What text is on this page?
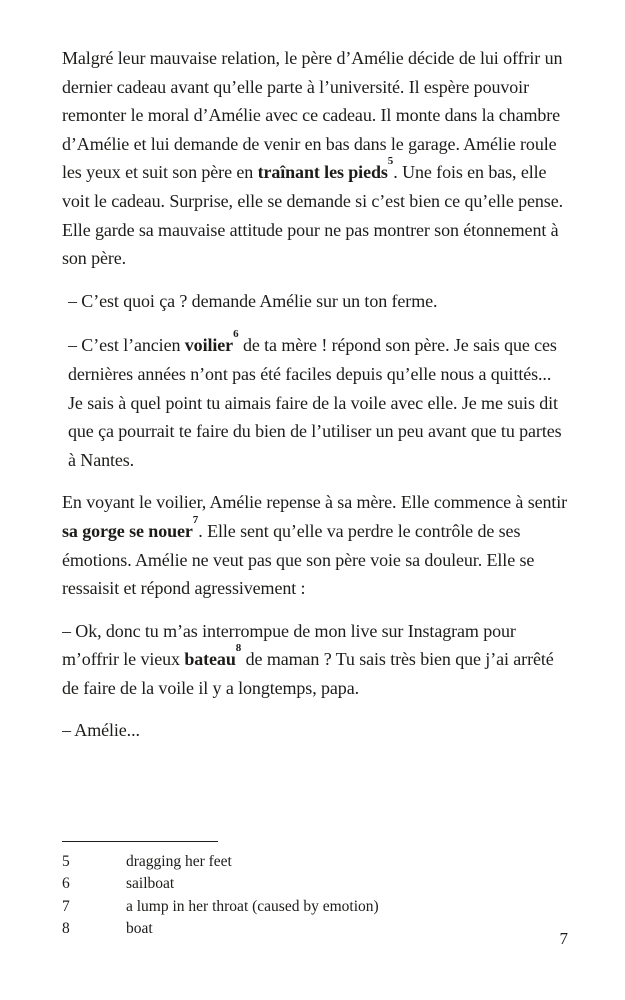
Malgré leur mauvaise relation, le père d’Amélie décide de lui offrir un dernier cadeau avant qu’elle parte à l’université. Il espère pouvoir remonter le moral d’Amélie avec ce cadeau. Il monte dans la chambre d’Amélie et lui demande de venir en bas dans le garage. Amélie roule les yeux et suit son père en traînant les pieds$^5$. Une fois en bas, elle voit le cadeau. Surprise, elle se demande si c’est bien ce qu’elle pense. Elle garde sa mauvaise attitude pour ne pas montrer son étonnement à son père.

– C’est quoi ça ? demande Amélie sur un ton ferme.

– C’est l’ancien voilier$^6$ de ta mère ! répond son père. Je sais que ces dernières années n’ont pas été faciles depuis qu’elle nous a quittés... Je sais à quel point tu aimais faire de la voile avec elle. Je me suis dit que ça pourrait te faire du bien de l’utiliser un peu avant que tu partes à Nantes.

En voyant le voilier, Amélie repense à sa mère. Elle commence à sentir sa gorge se nouer$^7$. Elle sent qu’elle va perdre le contrôle de ses émotions. Amélie ne veut pas que son père voie sa douleur. Elle se ressaisit et répond agressivement :

– Ok, donc tu m’as interrompue de mon live sur Instagram pour m’offrir le vieux bateau$^8$ de maman ? Tu sais très bien que j’ai arrêté de faire de la voile il y a longtemps, papa.

– Amélie...

5	dragging her feet
6	sailboat
7	a lump in her throat (caused by emotion)
8	boat
7
